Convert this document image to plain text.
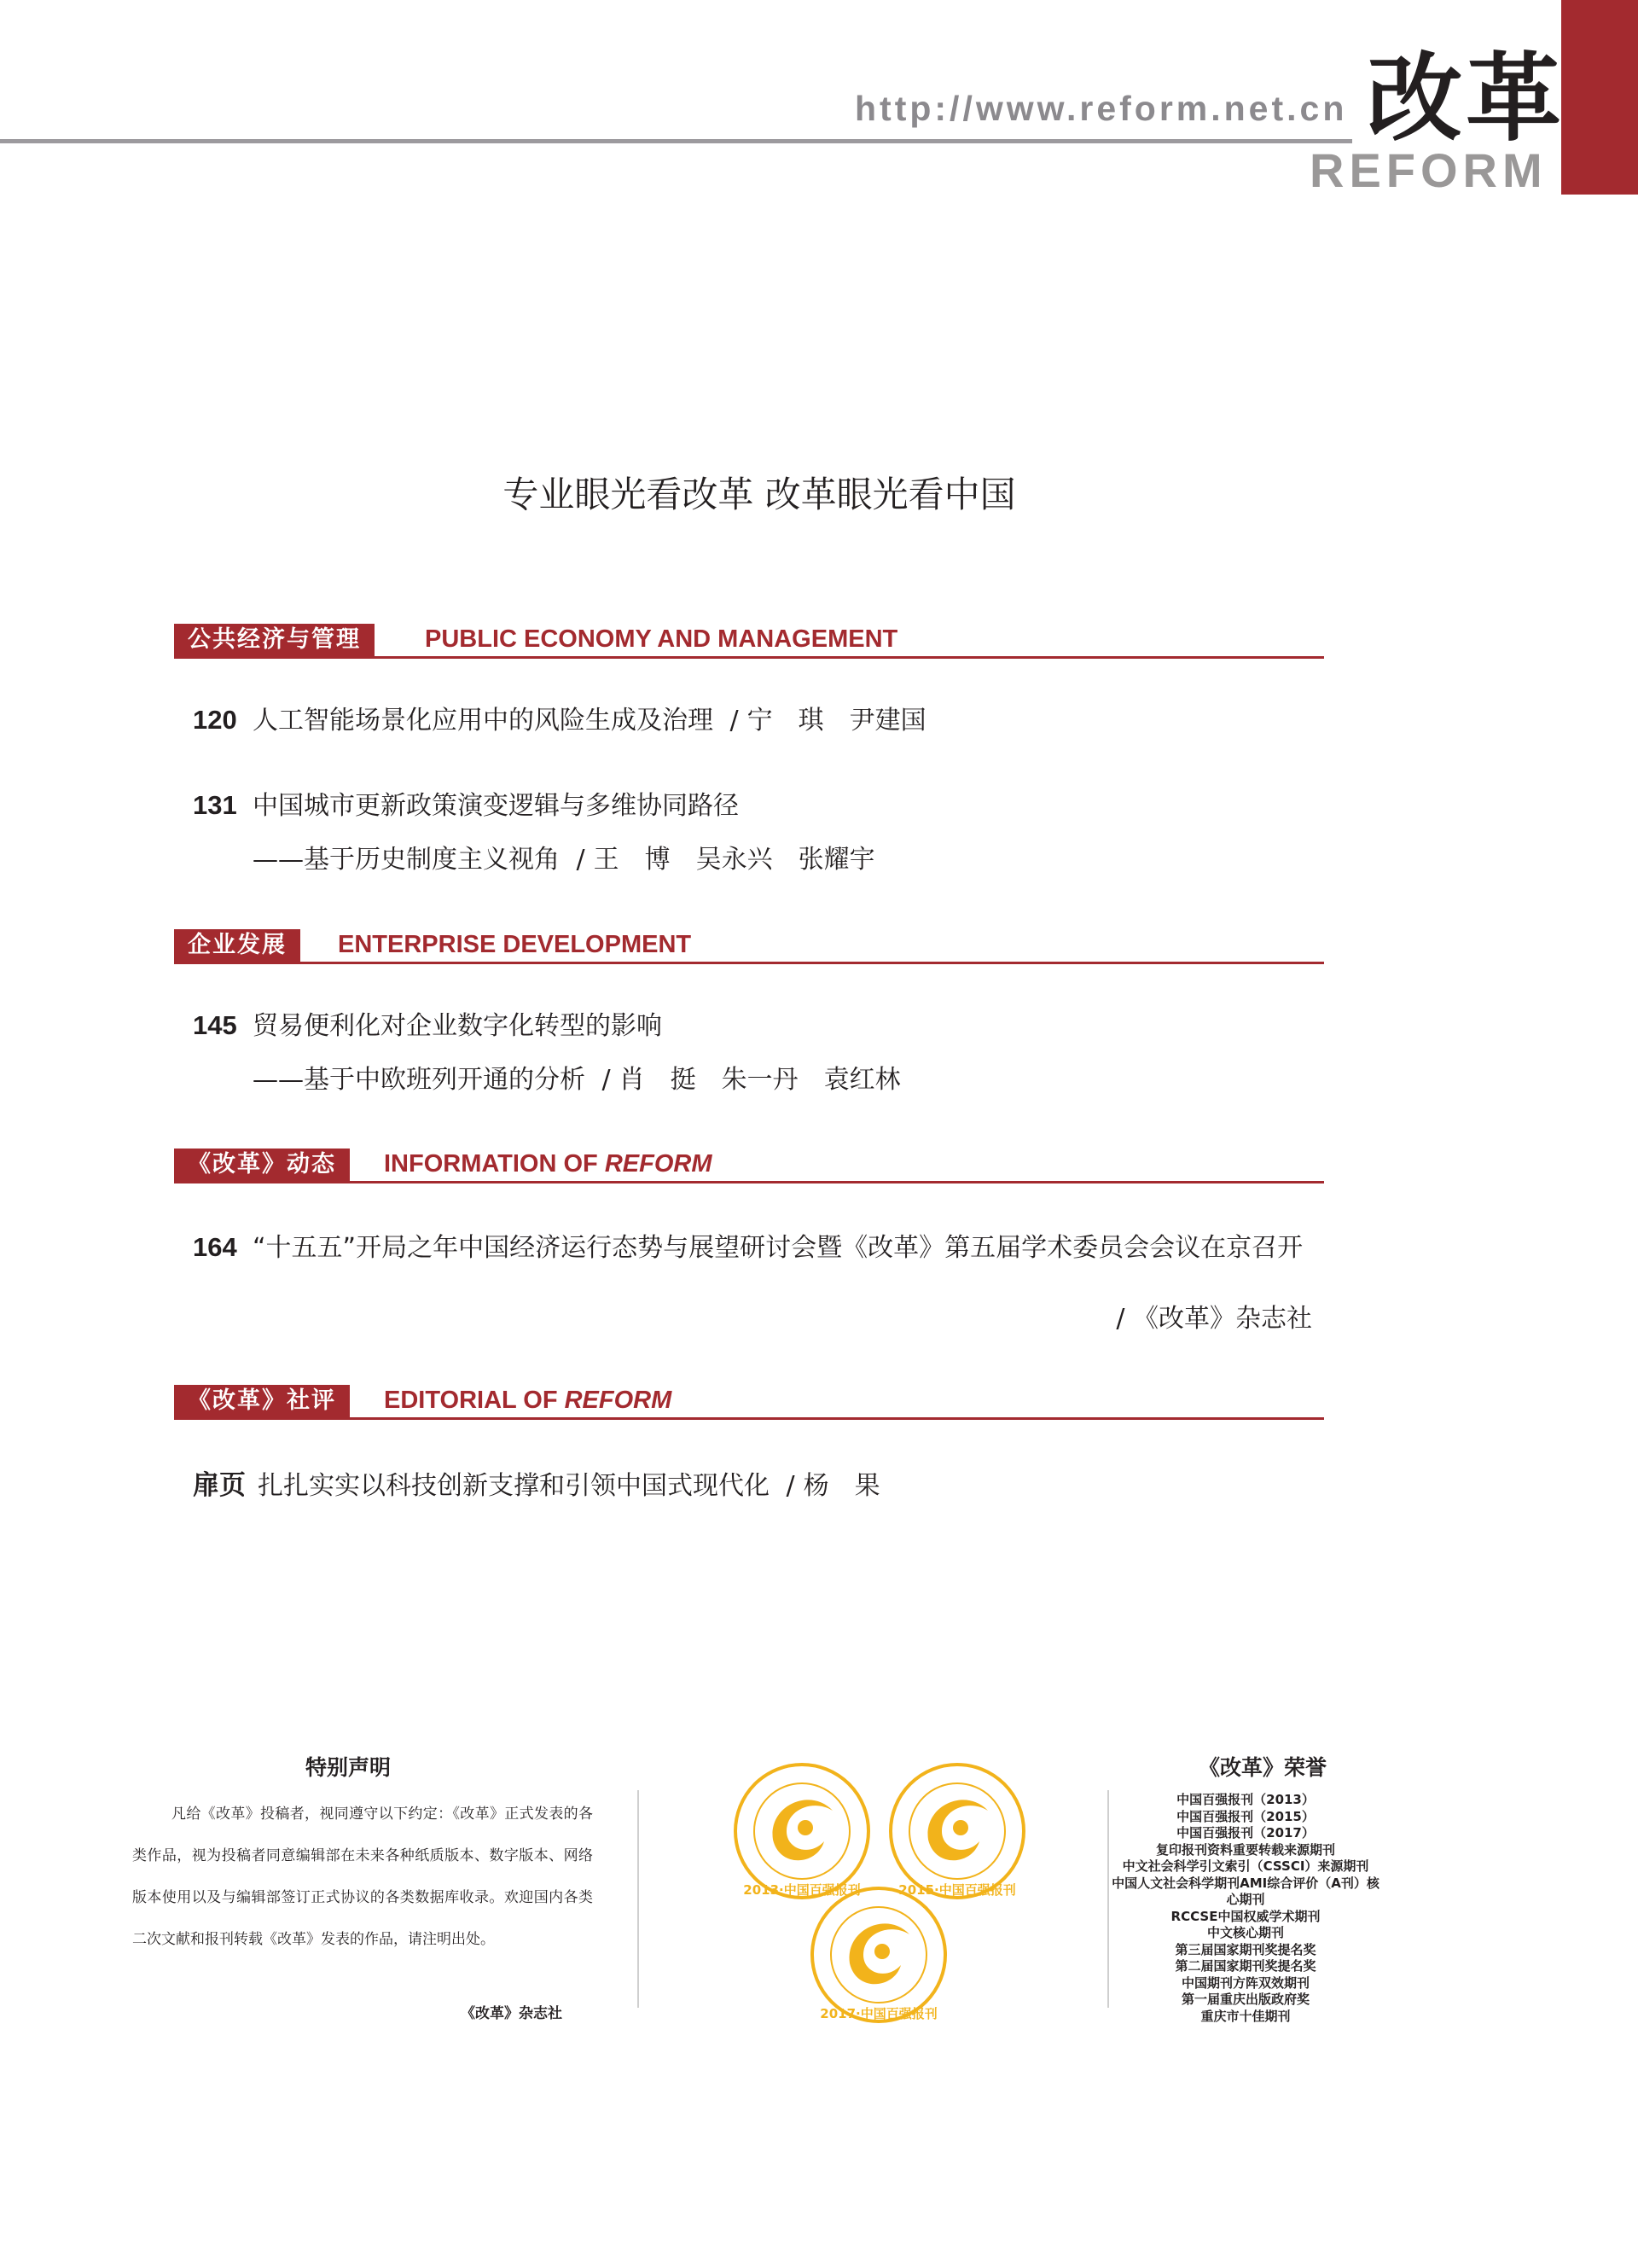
http://www.reform.net.cn 改革
REFORM
专业眼光看改革 改革眼光看中国
公共经济与管理	PUBLIC ECONOMY AND MANAGEMENT
120 人工智能场景化应用中的风险生成及治理 / 宁　琪　尹建国
131 中国城市更新政策演变逻辑与多维协同路径
——基于历史制度主义视角 / 王　博　吴永兴　张耀宇
企业发展	ENTERPRISE DEVELOPMENT
145 贸易便利化对企业数字化转型的影响
——基于中欧班列开通的分析 / 肖　挺　朱一丹　袁红林
《改革》动态	INFORMATION OF REFORM
164 “十五五”开局之年中国经济运行态势与展望研讨会暨《改革》第五届学术委员会会议在京召开
/ 《改革》杂志社
《改革》社评	EDITORIAL OF REFORM
扉页 扎扎实实以科技创新支撑和引领中国式现代化 / 杨　果
特别声明
凡给《改革》投稿者，视同遵守以下约定：《改革》正式发表的各类作品，视为投稿者同意编辑部在未来各种纸质版本、数字版本、网络版本使用以及与编辑部签订正式协议的各类数据库收录。欢迎国内各类二次文献和报刊转载《改革》发表的作品，请注明出处。
《改革》杂志社
2013·中国百强报刊	2015·中国百强报刊
2017·中国百强报刊
《改革》荣誉
中国百强报刊（2013）
中国百强报刊（2015）
中国百强报刊（2017）
复印报刊资料重要转载来源期刊
中文社会科学引文索引（CSSCI）来源期刊
中国人文社会科学期刊AMI综合评价（A刊）核心期刊
RCCSE中国权威学术期刊
中文核心期刊
第三届国家期刊奖提名奖
第二届国家期刊奖提名奖
中国期刊方阵双效期刊
第一届重庆出版政府奖
重庆市十佳期刊
